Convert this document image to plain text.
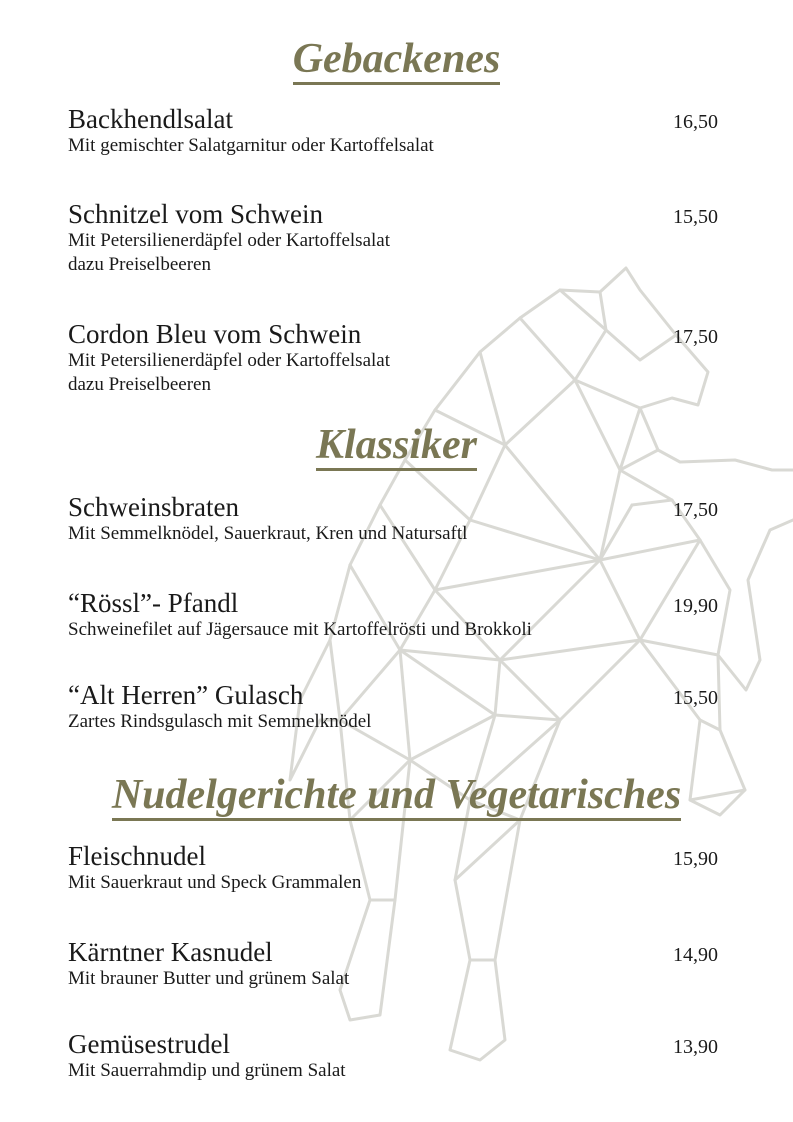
Gebackenes
Backhendlsalat	16,50
Mit gemischter Salatgarnitur oder Kartoffelsalat
Schnitzel vom Schwein	15,50
Mit Petersilienerdäpfel oder Kartoffelsalat
dazu Preiselbeeren
Cordon Bleu vom Schwein	17,50
Mit Petersilienerdäpfel oder Kartoffelsalat
dazu Preiselbeeren
Klassiker
Schweinsbraten	17,50
Mit Semmelknödel, Sauerkraut, Kren und Natursaftl
“Rössl”- Pfandl	19,90
Schweinefilet auf Jägersauce mit Kartoffelrösti und Brokkoli
“Alt Herren” Gulasch	15,50
Zartes Rindsgulasch mit Semmelknödel
Nudelgerichte und Vegetarisches
Fleischnudel	15,90
Mit Sauerkraut und Speck Grammalen
Kärntner Kasnudel	14,90
Mit brauner Butter und grünem Salat
Gemüsestrudel	13,90
Mit Sauerrahmdip und grünem Salat
